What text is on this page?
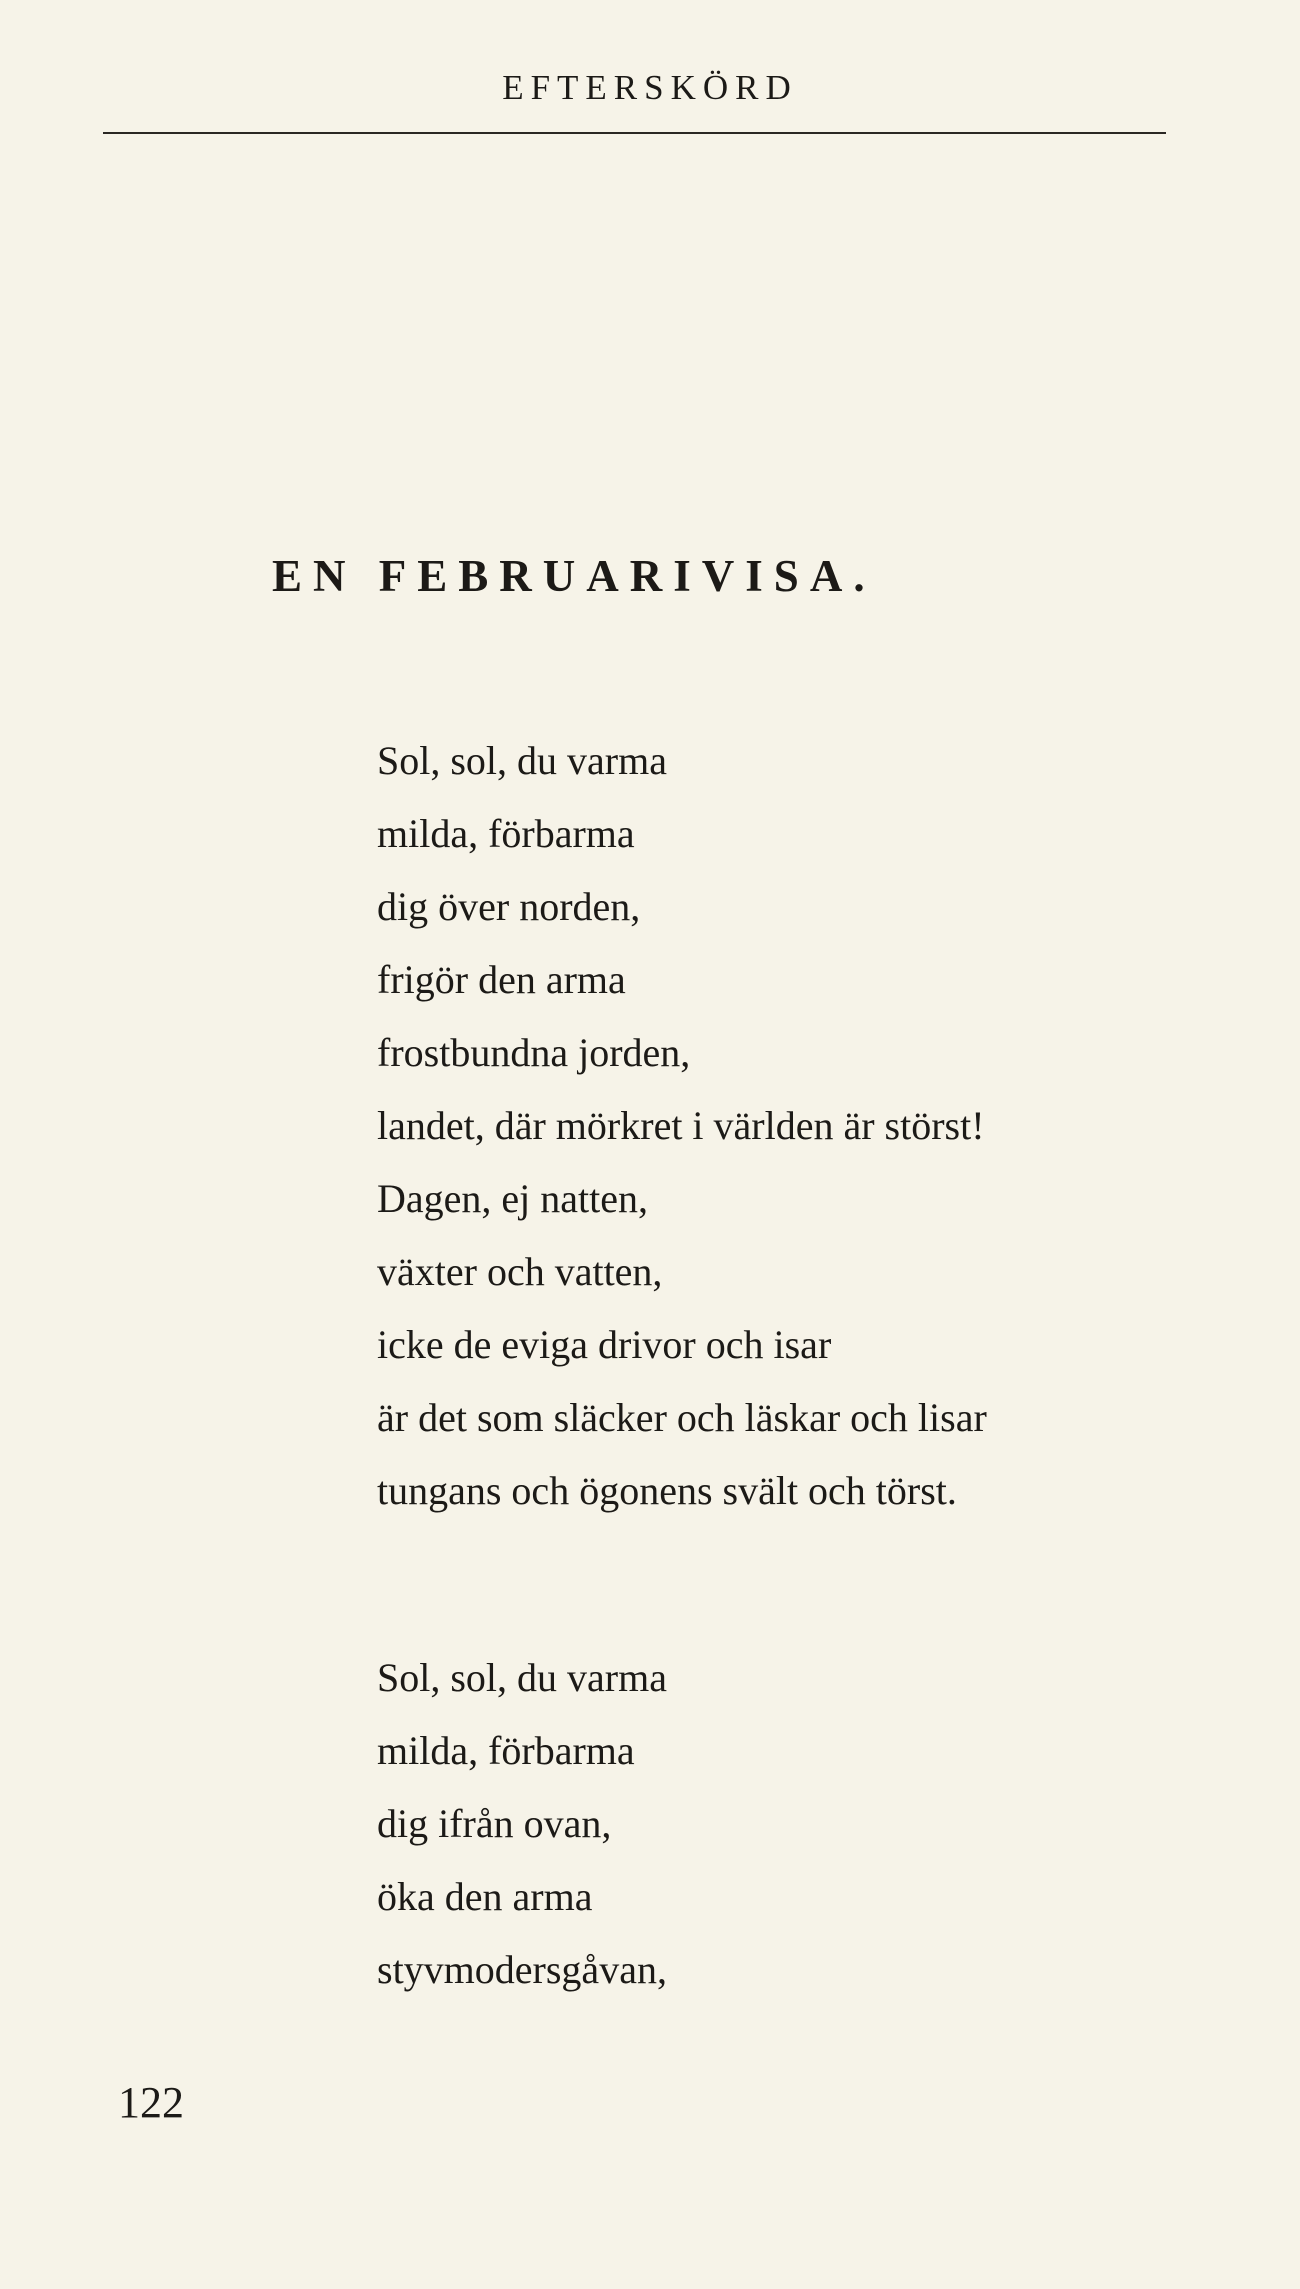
EFTERSKÖRD
EN FEBRUARIVISA.
Sol, sol, du varma
milda, förbarma
dig över norden,
frigör den arma
frostbundna jorden,
landet, där mörkret i världen är störst!
Dagen, ej natten,
växter och vatten,
icke de eviga drivor och isar
är det som släcker och läskar och lisar
tungans och ögonens svält och törst.
Sol, sol, du varma
milda, förbarma
dig ifrån ovan,
öka den arma
styvmodersgåvan,
122
